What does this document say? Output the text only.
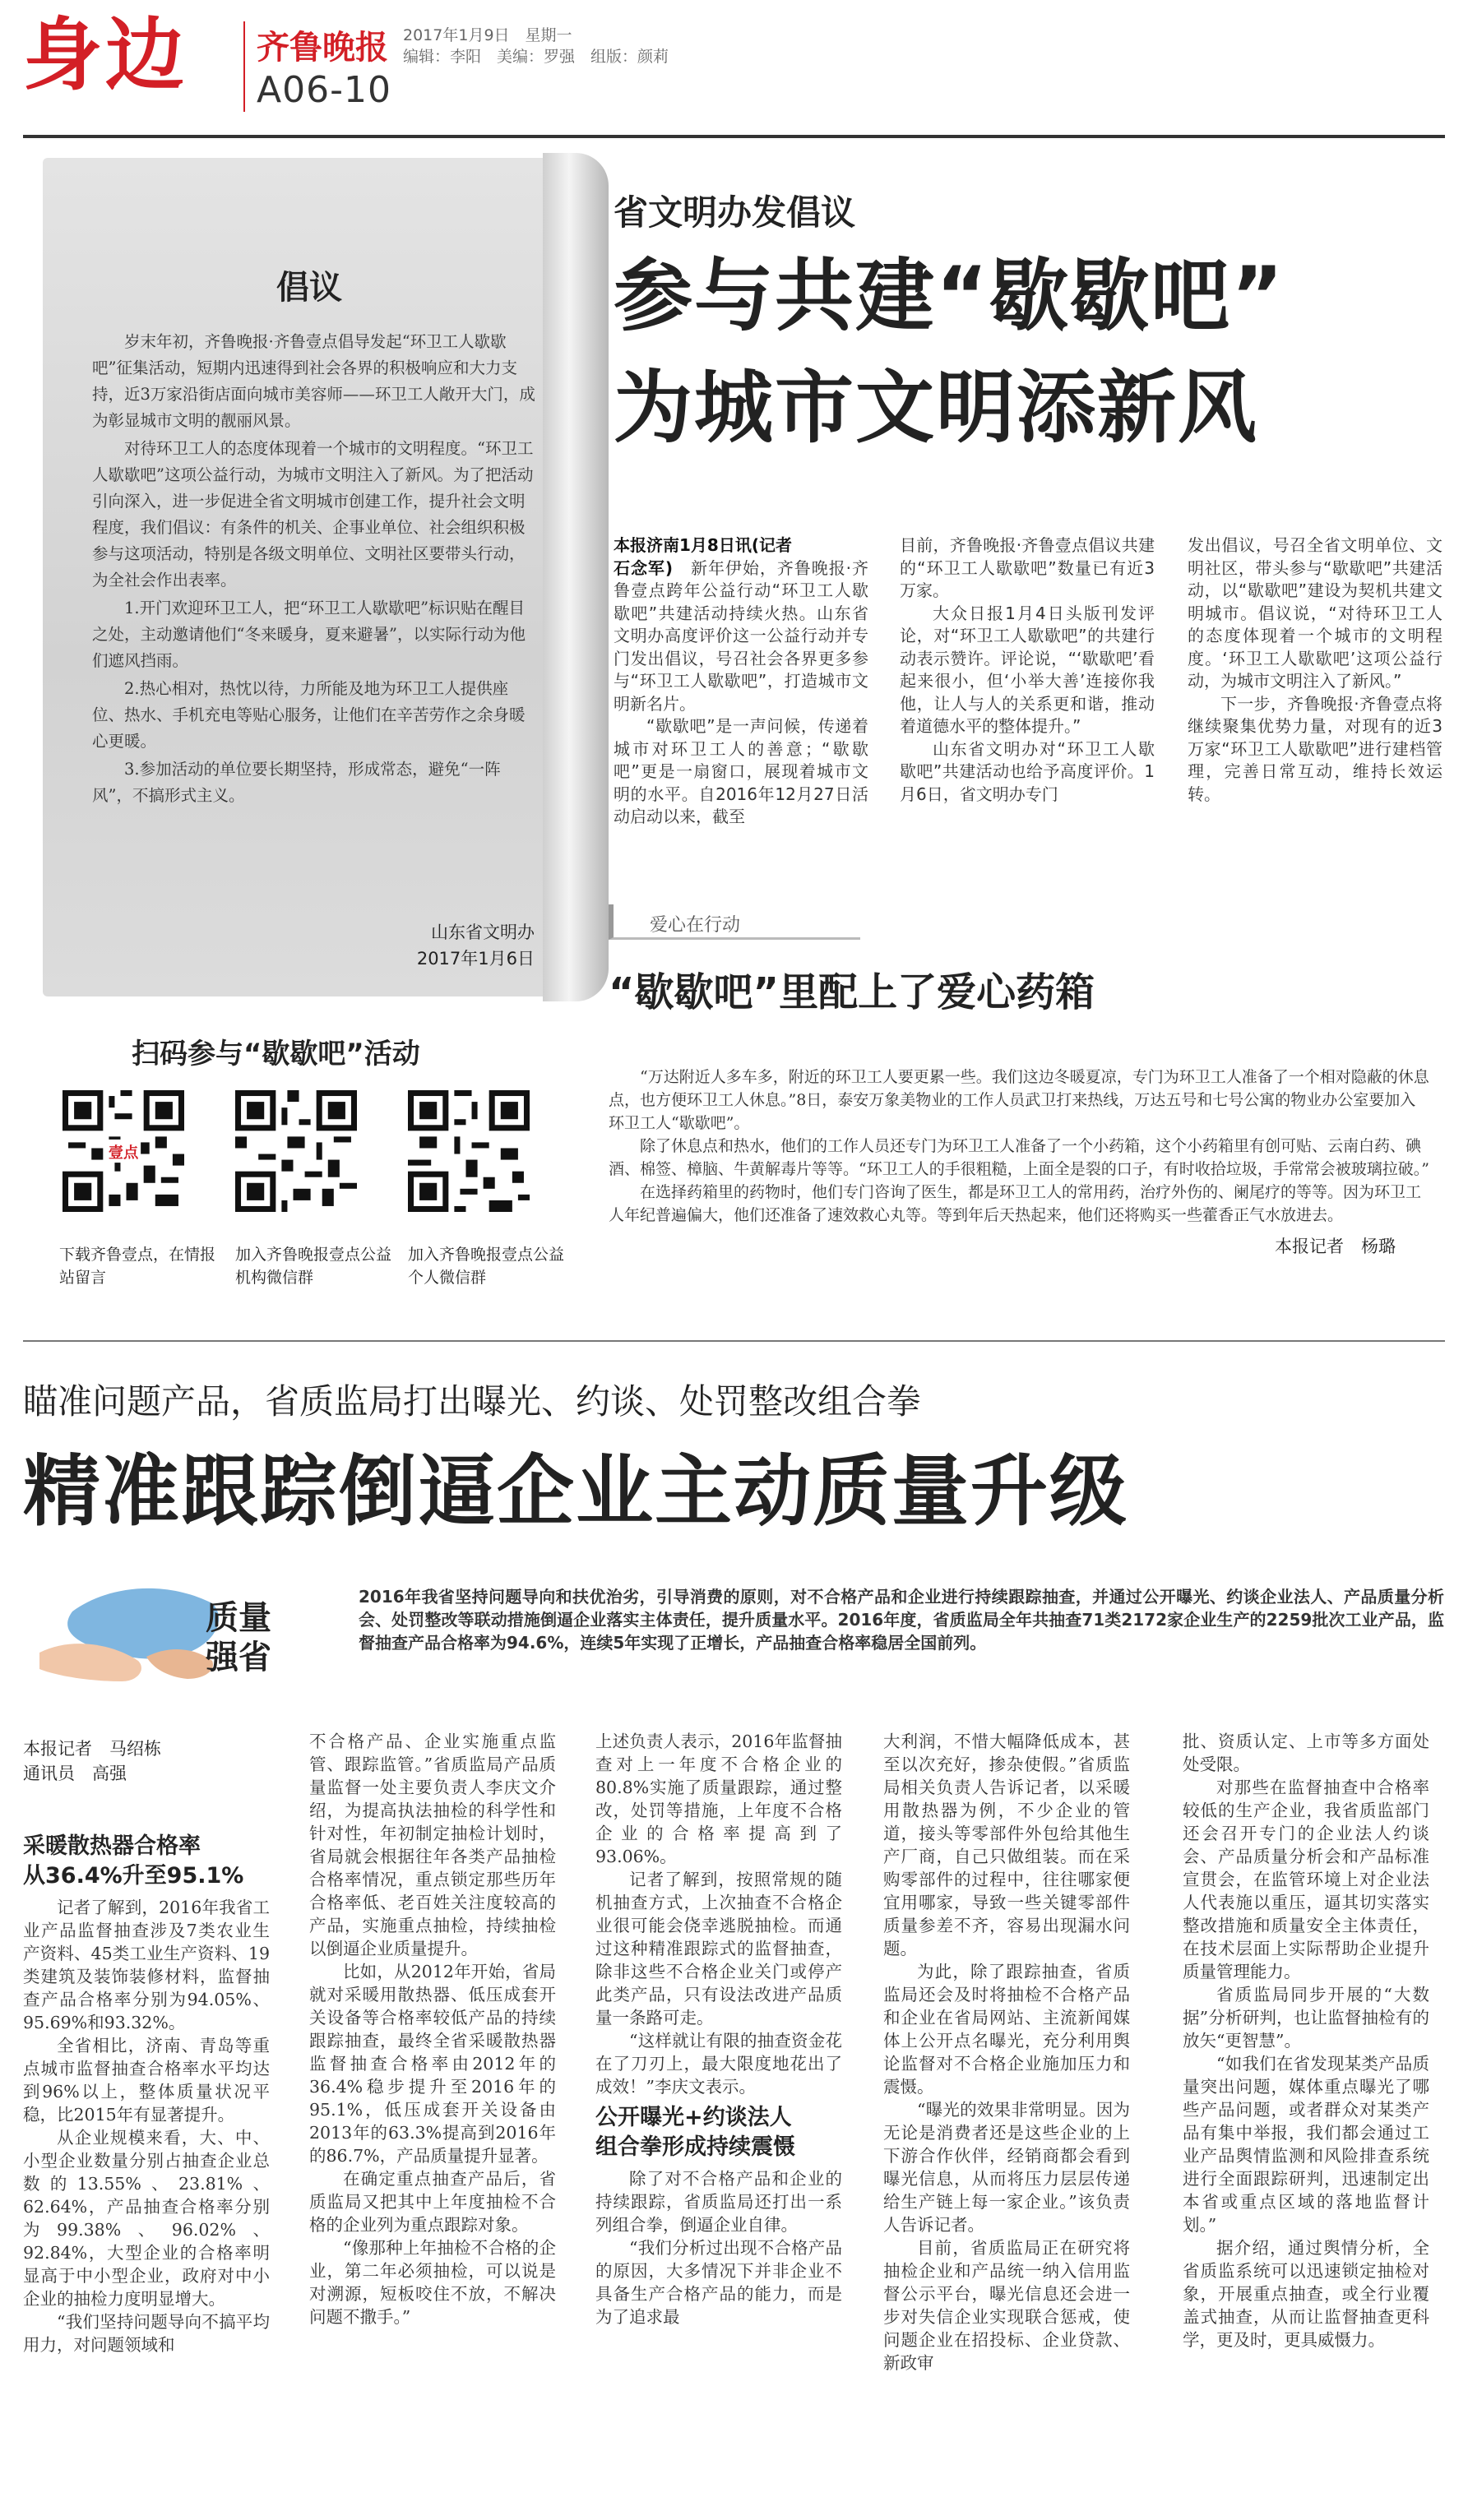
身边 齐鲁晚报 2017年1月9日　 星期一
编辑：李阳　美编：罗强　组版：颜莉
A06-10
倡议

岁末年初，齐鲁晚报·齐鲁壹点倡导发起“环卫工人歇歇吧”征集活动，短期内迅速得到社会各界的积极响应和大力支持，近3万家沿街店面向城市美容师——环卫工人敞开大门，成为彰显城市文明的靓丽风景。

对待环卫工人的态度体现着一个城市的文明程度。“环卫工人歇歇吧”这项公益行动，为城市文明注入了新风。为了把活动引向深入，进一步促进全省文明城市创建工作，提升社会文明程度，我们倡议：有条件的机关、企事业单位、社会组织积极参与这项活动，特别是各级文明单位、文明社区要带头行动，为全社会作出表率。

1.开门欢迎环卫工人，把“环卫工人歇歇吧”标识贴在醒目之处，主动邀请他们“冬来暖身，夏来避暑”，以实际行动为他们遮风挡雨。

2.热心相对，热忱以待，力所能及地为环卫工人提供座位、热水、手机充电等贴心服务，让他们在辛苦劳作之余身暖心更暖。

3.参加活动的单位要长期坚持，形成常态，避免“一阵风”，不搞形式主义。

山东省文明办
2017年1月6日
省文明办发倡议
参与共建“歇歇吧”
为城市文明添新风

本报济南1月8日讯(记者

石念军)　 新年伊始，齐鲁晚报·齐鲁壹点跨年公益行动“环卫工人歇歇吧”共建活动持续火热。山东省文明办高度评价这一公益行动并专门发出倡议，号召社会各界更多参与“环卫工人歇歇吧”，打造城市文明新名片。

“歇歇吧”是一声问候，传递着城市对环卫工人的善意；“歇歇吧”更是一扇窗口，展现着城市文明的水平。自2016年12月27日活动启动以来，截至

目前，齐鲁晚报·齐鲁壹点倡议共建的“环卫工人歇歇吧”数量已有近3万家。

大众日报1月4日头版刊发评论，对“环卫工人歇歇吧”的共建行动表示赞许。评论说，“‘歇歇吧’看起来很小，但‘小举大善’连接你我他，让人与人的关系更和谐，推动着道德水平的整体提升。”

山东省文明办对“环卫工人歇歇吧”共建活动也给予高度评价。1月6日，省文明办专门

发出倡议，号召全省文明单位、文明社区，带头参与“歇歇吧”共建活动，以“歇歇吧”建设为契机共建文明城市。倡议说，“对待环卫工人的态度体现着一个城市的文明程度。‘环卫工人歇歇吧’这项公益行动，为城市文明注入了新风。”

下一步，齐鲁晚报·齐鲁壹点将继续聚集优势力量，对现有的近3万家“环卫工人歇歇吧”进行建档管理，完善日常互动，维持长效运转。

爱心在行动
“歇歇吧”里配上了爱心药箱

“万达附近人多车多，附近的环卫工人要更累一些。我们这边冬暖夏凉，专门为环卫工人准备了一个相对隐蔽的休息点，也方便环卫工人休息。”8日，泰安万象美物业的工作人员武卫打来热线，万达五号和七号公寓的物业办公室要加入环卫工人“歇歇吧”。

除了休息点和热水，他们的工作人员还专门为环卫工人准备了一个小药箱，这个小药箱里有创可贴、云南白药、碘酒、棉签、樟脑、牛黄解毒片等等。“环卫工人的手很粗糙，上面全是裂的口子，有时收拾垃圾，手常常会被玻璃拉破。”

在选择药箱里的药物时，他们专门咨询了医生，都是环卫工人的常用药，治疗外伤的、阑尾疗的等等。因为环卫工人年纪普遍偏大，他们还准备了速效救心丸等。等到年后天热起来，他们还将购买一些藿香正气水放进去。

本报记者　杨璐
扫码参与“歇歇吧”活动
壹点
下载齐鲁壹点，在情报站留言
加入齐鲁晚报壹点公益机构微信群
加入齐鲁晚报壹点公益个人微信群
瞄准问题产品，省质监局打出曝光、约谈、处罚整改组合拳
精准跟踪倒逼企业主动质量升级
质量
强省
2016年我省坚持问题导向和扶优治劣，引导消费的原则，对不合格产品和企业进行持续跟踪抽查，并通过公开曝光、约谈企业法人、产品质量分析会、处罚整改等联动措施倒逼企业落实主体责任，提升质量水平。2016年度，省质监局全年共抽查71类2172家企业生产的2259批次工业产品，监督抽查产品合格率为94.6%，连续5年实现了正增长，产品抽查合格率稳居全国前列。
本报记者　马绍栋
通讯员　高强

采暖散热器合格率

从36.4%升至95.1%

记者了解到，2016年我省工业产品监督抽查涉及7类农业生产资料、45类工业生产资料、19类建筑及装饰装修材料，监督抽查产品合格率分别为94.05%、95.69%和93.32%。

全省相比，济南、青岛等重点城市监督抽查合格率水平均达到96%以上，整体质量状况平稳，比2015年有显著提升。

从企业规模来看，大、中、小型企业数量分别占抽查企业总数的13.55%、23.81%、62.64%，产品抽查合格率分别为99.38%、96.02%、92.84%，大型企业的合格率明显高于中小型企业，政府对中小企业的抽检力度明显增大。

“我们坚持问题导向不搞平均用力，对问题领域和

不合格产品、企业实施重点监管、跟踪监管。”省质监局产品质量监督一处主要负责人李庆文介绍，为提高执法抽检的科学性和针对性，年初制定抽检计划时，省局就会根据往年各类产品抽检合格率情况，重点锁定那些历年合格率低、老百姓关注度较高的产品，实施重点抽检，持续抽检以倒逼企业质量提升。

比如，从2012年开始，省局就对采暖用散热器、低压成套开关设备等合格率较低产品的持续跟踪抽查，最终全省采暖散热器监督抽查合格率由2012年的36.4%稳步提升至2016年的95.1%，低压成套开关设备由2013年的63.3%提高到2016年的86.7%，产品质量提升显著。

在确定重点抽查产品后，省质监局又把其中上年度抽检不合格的企业列为重点跟踪对象。

“像那种上年抽检不合格的企业，第二年必须抽检，可以说是对溯源，短板咬住不放，不解决问题不撒手。”

上述负责人表示，2016年监督抽查对上一年度不合格企业的80.8%实施了质量跟踪，通过整改，处罚等措施，上年度不合格企业的合格率提高到了93.06%。

记者了解到，按照常规的随机抽查方式，上次抽查不合格企业很可能会侥幸逃脱抽检。而通过这种精准跟踪式的监督抽查，除非这些不合格企业关门或停产此类产品，只有设法改进产品质量一条路可走。

“这样就让有限的抽查资金花在了刀刃上，最大限度地花出了成效！”李庆文表示。

公开曝光+约谈法人

组合拳形成持续震慑

除了对不合格产品和企业的持续跟踪，省质监局还打出一系列组合拳，倒逼企业自律。

“我们分析过出现不合格产品的原因，大多情况下并非企业不具备生产合格产品的能力，而是为了追求最

大利润，不惜大幅降低成本，甚至以次充好，掺杂使假。”省质监局相关负责人告诉记者，以采暖用散热器为例，不少企业的管道，接头等零部件外包给其他生产厂商，自己只做组装。而在采购零部件的过程中，往往哪家便宜用哪家，导致一些关键零部件质量参差不齐，容易出现漏水问题。

为此，除了跟踪抽查，省质监局还会及时将抽检不合格产品和企业在省局网站、主流新闻媒体上公开点名曝光，充分利用舆论监督对不合格企业施加压力和震慑。

“曝光的效果非常明显。因为无论是消费者还是这些企业的上下游合作伙伴，经销商都会看到曝光信息，从而将压力层层传递给生产链上每一家企业。”该负责人告诉记者。

目前，省质监局正在研究将抽检企业和产品统一纳入信用监督公示平台，曝光信息还会进一步对失信企业实现联合惩戒，使问题企业在招投标、企业贷款、新政审

批、资质认定、上市等多方面处处受限。

对那些在监督抽查中合格率较低的生产企业，我省质监部门还会召开专门的企业法人约谈会、产品质量分析会和产品标准宣贯会，在监管环境上对企业法人代表施以重压，逼其切实落实整改措施和质量安全主体责任，在技术层面上实际帮助企业提升质量管理能力。

省质监局同步开展的“大数据”分析研判，也让监督抽检有的放矢“更智慧”。

“如我们在省发现某类产品质量突出问题，媒体重点曝光了哪些产品问题，或者群众对某类产品有集中举报，我们都会通过工业产品舆情监测和风险排查系统进行全面跟踪研判，迅速制定出本省或重点区域的落地监督计划。”

据介绍，通过舆情分析，全省质监系统可以迅速锁定抽检对象，开展重点抽查，或全行业覆盖式抽查，从而让监督抽查更科学，更及时，更具威慑力。
